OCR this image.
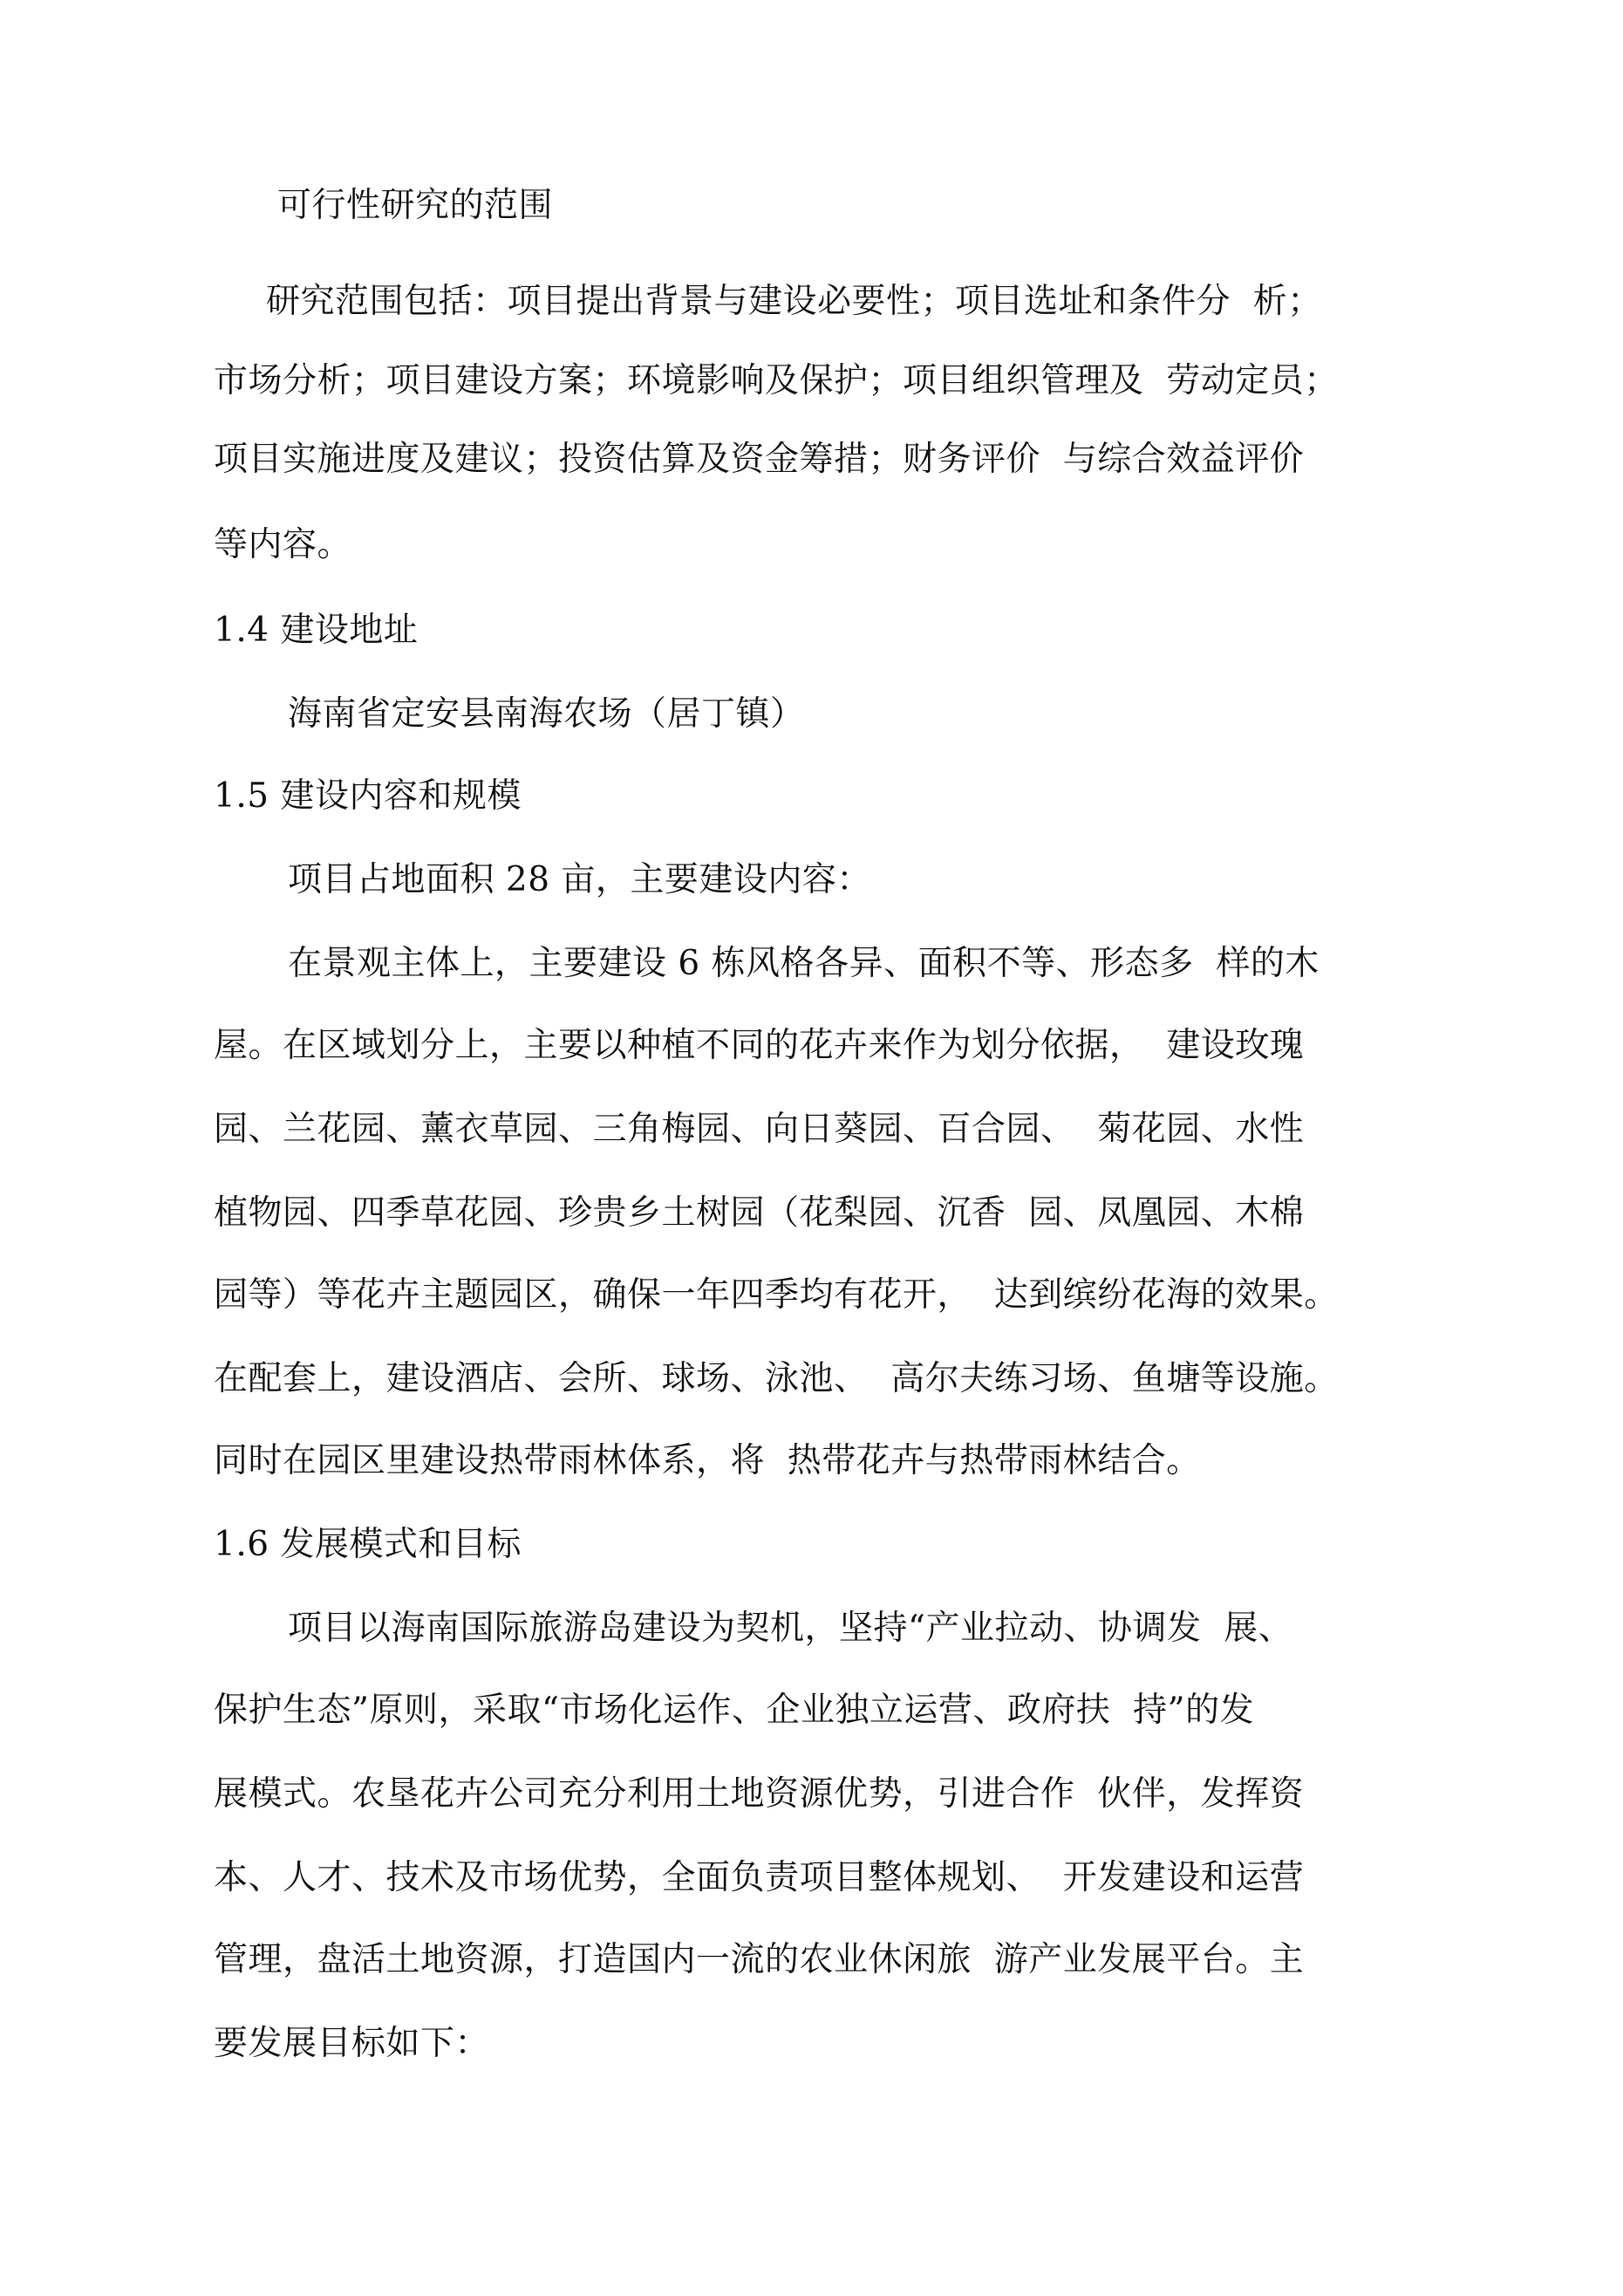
可行性研究的范围
研究范围包括：项目提出背景与建设必要性；项目选址和条件分  析；
市场分析；项目建设方案；环境影响及保护；项目组织管理及  劳动定员；
项目实施进度及建议；投资估算及资金筹措；财务评价  与综合效益评价
等内容。
1.4 建设地址
海南省定安县南海农场（居丁镇）
1.5 建设内容和规模
项目占地面积 28 亩，主要建设内容：
在景观主体上，主要建设 6 栋风格各异、面积不等、形态多  样的木
屋。在区域划分上，主要以种植不同的花卉来作为划分依据，  建设玫瑰
园、兰花园、薰衣草园、三角梅园、向日葵园、百合园、  菊花园、水性
植物园、四季草花园、珍贵乡土树园（花梨园、沉香  园、凤凰园、木棉
园等）等花卉主题园区，确保一年四季均有花开，  达到缤纷花海的效果。
在配套上，建设酒店、会所、球场、泳池、  高尔夫练习场、鱼塘等设施。
同时在园区里建设热带雨林体系，将  热带花卉与热带雨林结合。
1.6 发展模式和目标
项目以海南国际旅游岛建设为契机，坚持“产业拉动、协调发  展、
保护生态”原则，采取“市场化运作、企业独立运营、政府扶  持”的发
展模式。农垦花卉公司充分利用土地资源优势，引进合作  伙伴，发挥资
本、人才、技术及市场优势，全面负责项目整体规划、  开发建设和运营
管理，盘活土地资源，打造国内一流的农业休闲旅  游产业发展平台。主
要发展目标如下：
